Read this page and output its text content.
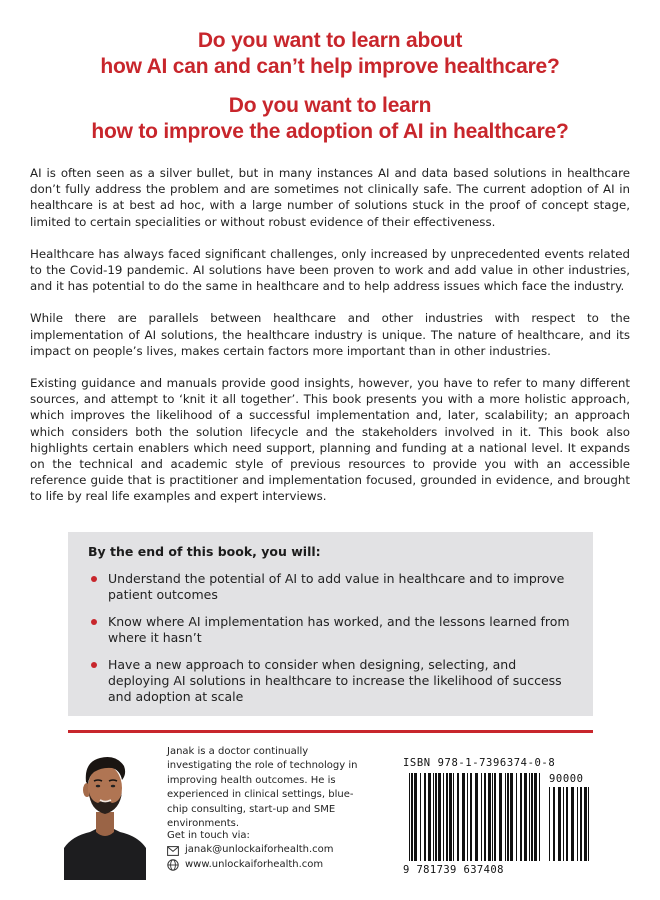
Do you want to learn about
how AI can and can’t help improve healthcare?
Do you want to learn
how to improve the adoption of AI in healthcare?

AI is often seen as a silver bullet, but in many instances AI and data based solutions in healthcare don’t fully address the problem and are sometimes not clinically safe. The current adoption of AI in healthcare is at best ad hoc, with a large number of solutions stuck in the proof of concept stage, limited to certain specialities or without robust evidence of their effectiveness.

Healthcare has always faced significant challenges, only increased by unprecedented events related to the Covid-19 pandemic. AI solutions have been proven to work and add value in other industries, and it has potential to do the same in healthcare and to help address issues which face the industry.

While there are parallels between healthcare and other industries with respect to the implementation of AI solutions, the healthcare industry is unique. The nature of healthcare, and its impact on people’s lives, makes certain factors more important than in other industries.

Existing guidance and manuals provide good insights, however, you have to refer to many different sources, and attempt to ‘knit it all together’. This book presents you with a more holistic approach, which improves the likelihood of a successful implementation and, later, scalability; an approach which considers both the solution lifecycle and the stakeholders involved in it. This book also highlights certain enablers which need support, planning and funding at a national level. It expands on the technical and academic style of previous resources to provide you with an accessible reference guide that is practitioner and implementation focused, grounded in evidence, and brought to life by real life examples and expert interviews.

By the end of this book, you will:
Understand the potential of AI to add value in healthcare and to improve patient outcomes
Know where AI implementation has worked, and the lessons learned from where it hasn’t
Have a new approach to consider when designing, selecting, and deploying AI solutions in healthcare to increase the likelihood of success and adoption at scale
Janak is a doctor continually investigating the role of technology in improving health outcomes. He is experienced in clinical settings, blue-chip consulting, start-up and SME environments.
Get in touch via:
janak@unlockaiforhealth.com
www.unlockaiforhealth.com
ISBN 978-1-7396374-0-8
90000
9 781739 637408
